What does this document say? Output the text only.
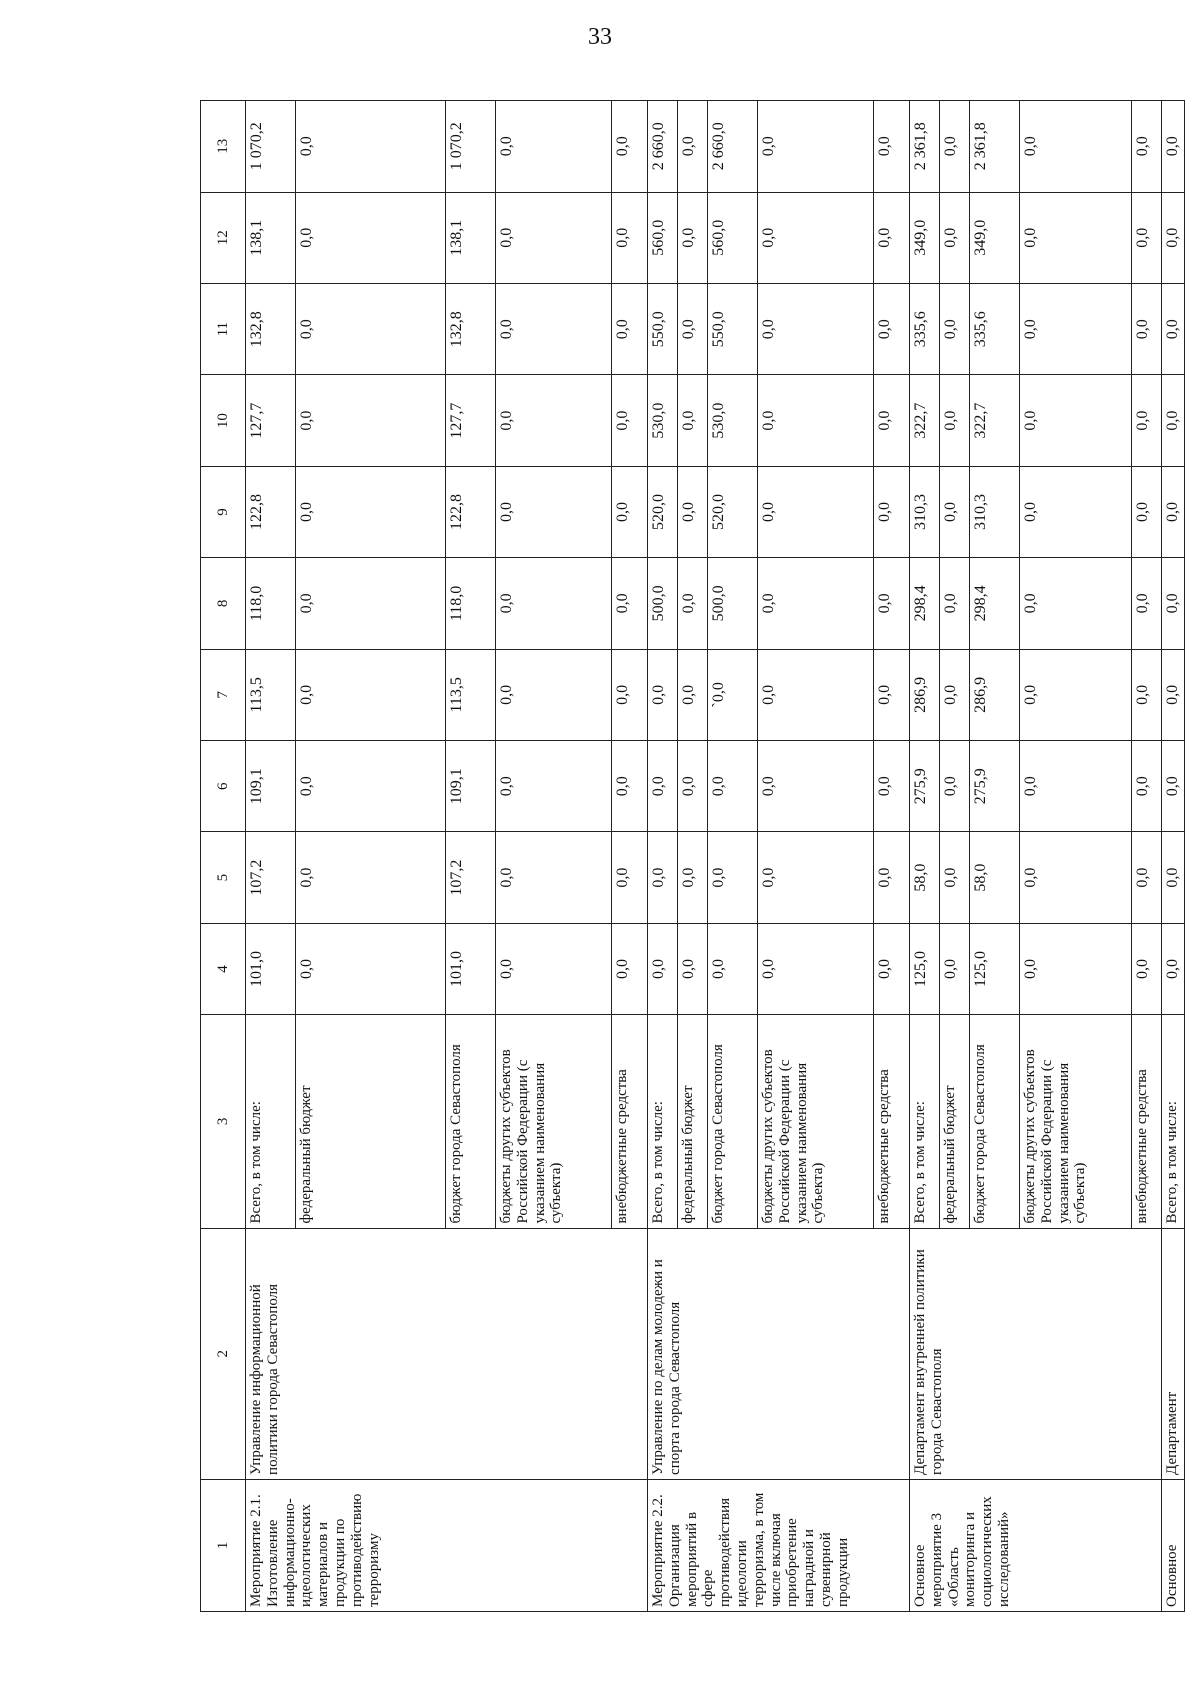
33
1	2	3	4	5	6	7	8	9	10	11	12	13
Мероприятие 2.1. Изготовление информационно-идеологических материалов и продукции по противодействию терроризму	Управление информационной политики города Севастополя	Всего, в том числе:	101,0	107,2	109,1	113,5	118,0	122,8	127,7	132,8	138,1	1 070,2
		федеральный бюджет	0,0	0,0	0,0	0,0	0,0	0,0	0,0	0,0	0,0	0,0
		бюджет города Севастополя	101,0	107,2	109,1	113,5	118,0	122,8	127,7	132,8	138,1	1 070,2
		бюджеты других субъектов Российской Федерации (с указанием наименования субъекта)	0,0	0,0	0,0	0,0	0,0	0,0	0,0	0,0	0,0	0,0
		внебюджетные средства	0,0	0,0	0,0	0,0	0,0	0,0	0,0	0,0	0,0	0,0
Мероприятие 2.2. Организация мероприятий в сфере противодействия идеологии терроризма, в том числе включая приобретение наградной и сувенирной продукции	Управление по делам молодежи и спорта города Севастополя	Всего, в том числе:	0,0	0,0	0,0	0,0	500,0	520,0	530,0	550,0	560,0	2 660,0
		федеральный бюджет	0,0	0,0	0,0	0,0	0,0	0,0	0,0	0,0	0,0	0,0
		бюджет города Севастополя	0,0	0,0	0,0	ˋ0,0	500,0	520,0	530,0	550,0	560,0	2 660,0
		бюджеты других субъектов Российской Федерации (с указанием наименования субъекта)	0,0	0,0	0,0	0,0	0,0	0,0	0,0	0,0	0,0	0,0
		внебюджетные средства	0,0	0,0	0,0	0,0	0,0	0,0	0,0	0,0	0,0	0,0
Основное мероприятие 3 «Область мониторинга и социологических исследований»	Департамент внутренней политики города Севастополя	Всего, в том числе:	125,0	58,0	275,9	286,9	298,4	310,3	322,7	335,6	349,0	2 361,8
		федеральный бюджет	0,0	0,0	0,0	0,0	0,0	0,0	0,0	0,0	0,0	0,0
		бюджет города Севастополя	125,0	58,0	275,9	286,9	298,4	310,3	322,7	335,6	349,0	2 361,8
		бюджеты других субъектов Российской Федерации (с указанием наименования субъекта)	0,0	0,0	0,0	0,0	0,0	0,0	0,0	0,0	0,0	0,0
		внебюджетные средства	0,0	0,0	0,0	0,0	0,0	0,0	0,0	0,0	0,0	0,0
Основное	Департамент	Всего, в том числе:	0,0	0,0	0,0	0,0	0,0	0,0	0,0	0,0	0,0	0,0
